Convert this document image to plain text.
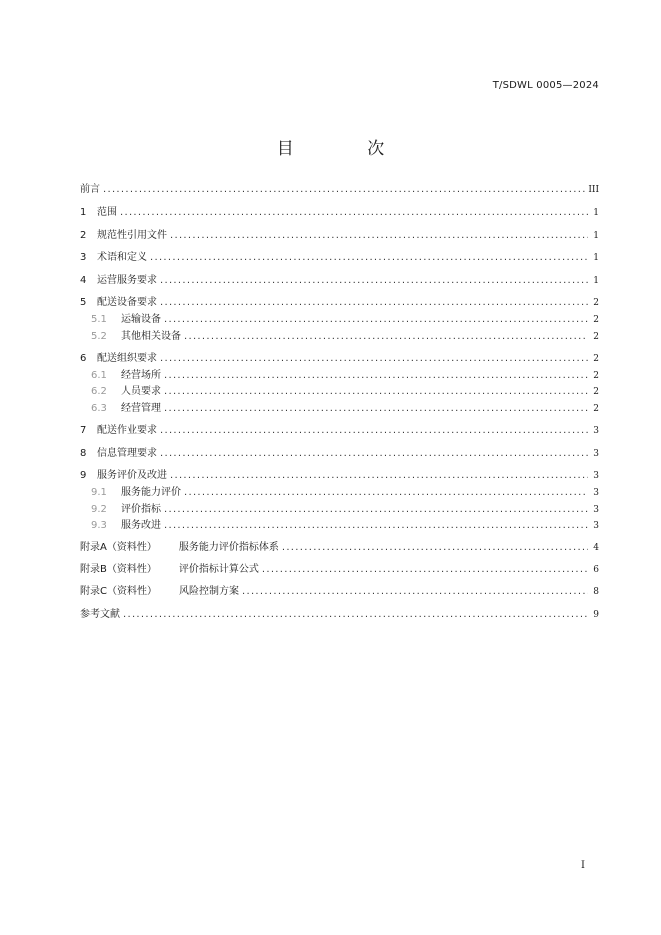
T/SDWL 0005—2024
目 次
前言 .....	III
1	范围 .....	1
2	规范性引用文件 .....	1
3	术语和定义 .....	1
4	运营服务要求 .....	1
5	配送设备要求 .....	2
5.1	运输设备 .....	2
5.2	其他相关设备 .....	2
6	配送组织要求 .....	2
6.1	经营场所 .....	2
6.2	人员要求 .....	2
6.3	经营管理 .....	2
7	配送作业要求 .....	3
8	信息管理要求 .....	3
9	服务评价及改进 .....	3
9.1	服务能力评价 .....	3
9.2	评价指标 .....	3
9.3	服务改进 .....	3
附录A（资料性） 服务能力评价指标体系 .....	4
附录B（资料性） 评价指标计算公式 .....	6
附录C（资料性） 风险控制方案 .....	8
参考文献 .....	9
I
